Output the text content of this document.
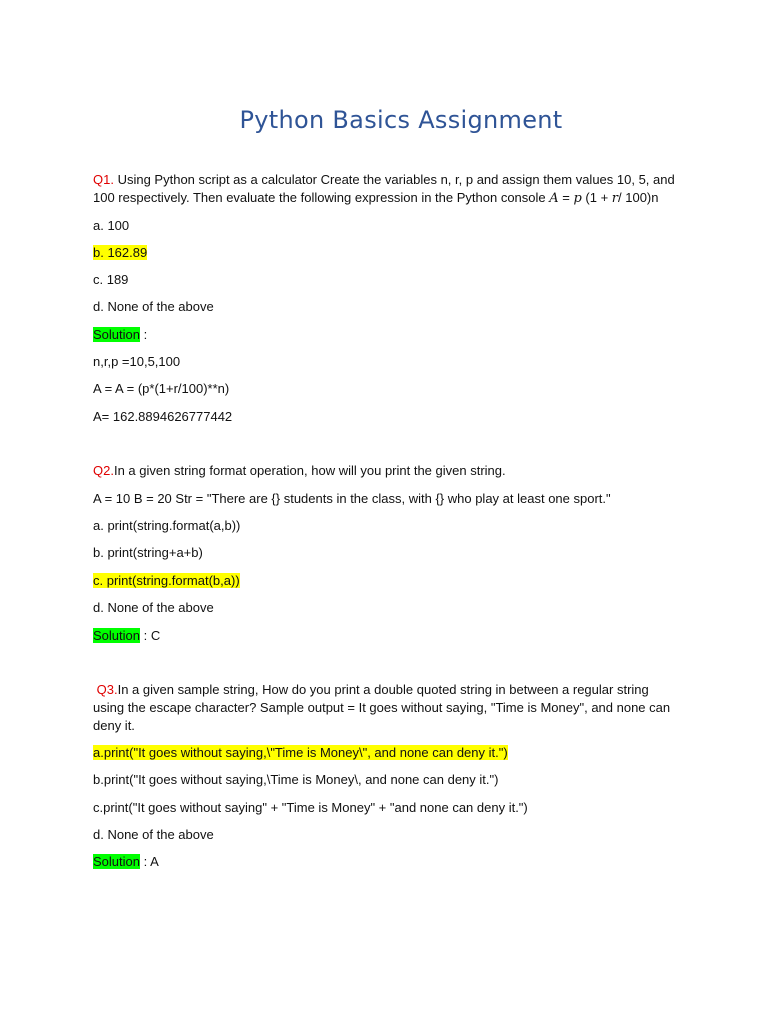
Python Basics Assignment

Q1. Using Python script as a calculator Create the variables n, r, p and assign them values 10, 5, and 100 respectively. Then evaluate the following expression in the Python console A = p (1 + r/ 100)n

a. 100

b. 162.89

c. 189

d. None of the above

Solution :

n,r,p =10,5,100

A = A = (p*(1+r/100)**n)

A= 162.8894626777442

Q2.In a given string format operation, how will you print the given string.

A = 10 B = 20 Str = "There are {} students in the class, with {} who play at least one sport."

a. print(string.format(a,b))

b. print(string+a+b)

c. print(string.format(b,a))

d. None of the above

Solution : C

Q3.In a given sample string, How do you print a double quoted string in between a regular string using the escape character? Sample output = It goes without saying, "Time is Money", and none can deny it.

a.print("It goes without saying,\"Time is Money\", and none can deny it.")

b.print("It goes without saying,\Time is Money\, and none can deny it.")

c.print("It goes without saying" + "Time is Money" + "and none can deny it.")

d. None of the above

Solution : A
